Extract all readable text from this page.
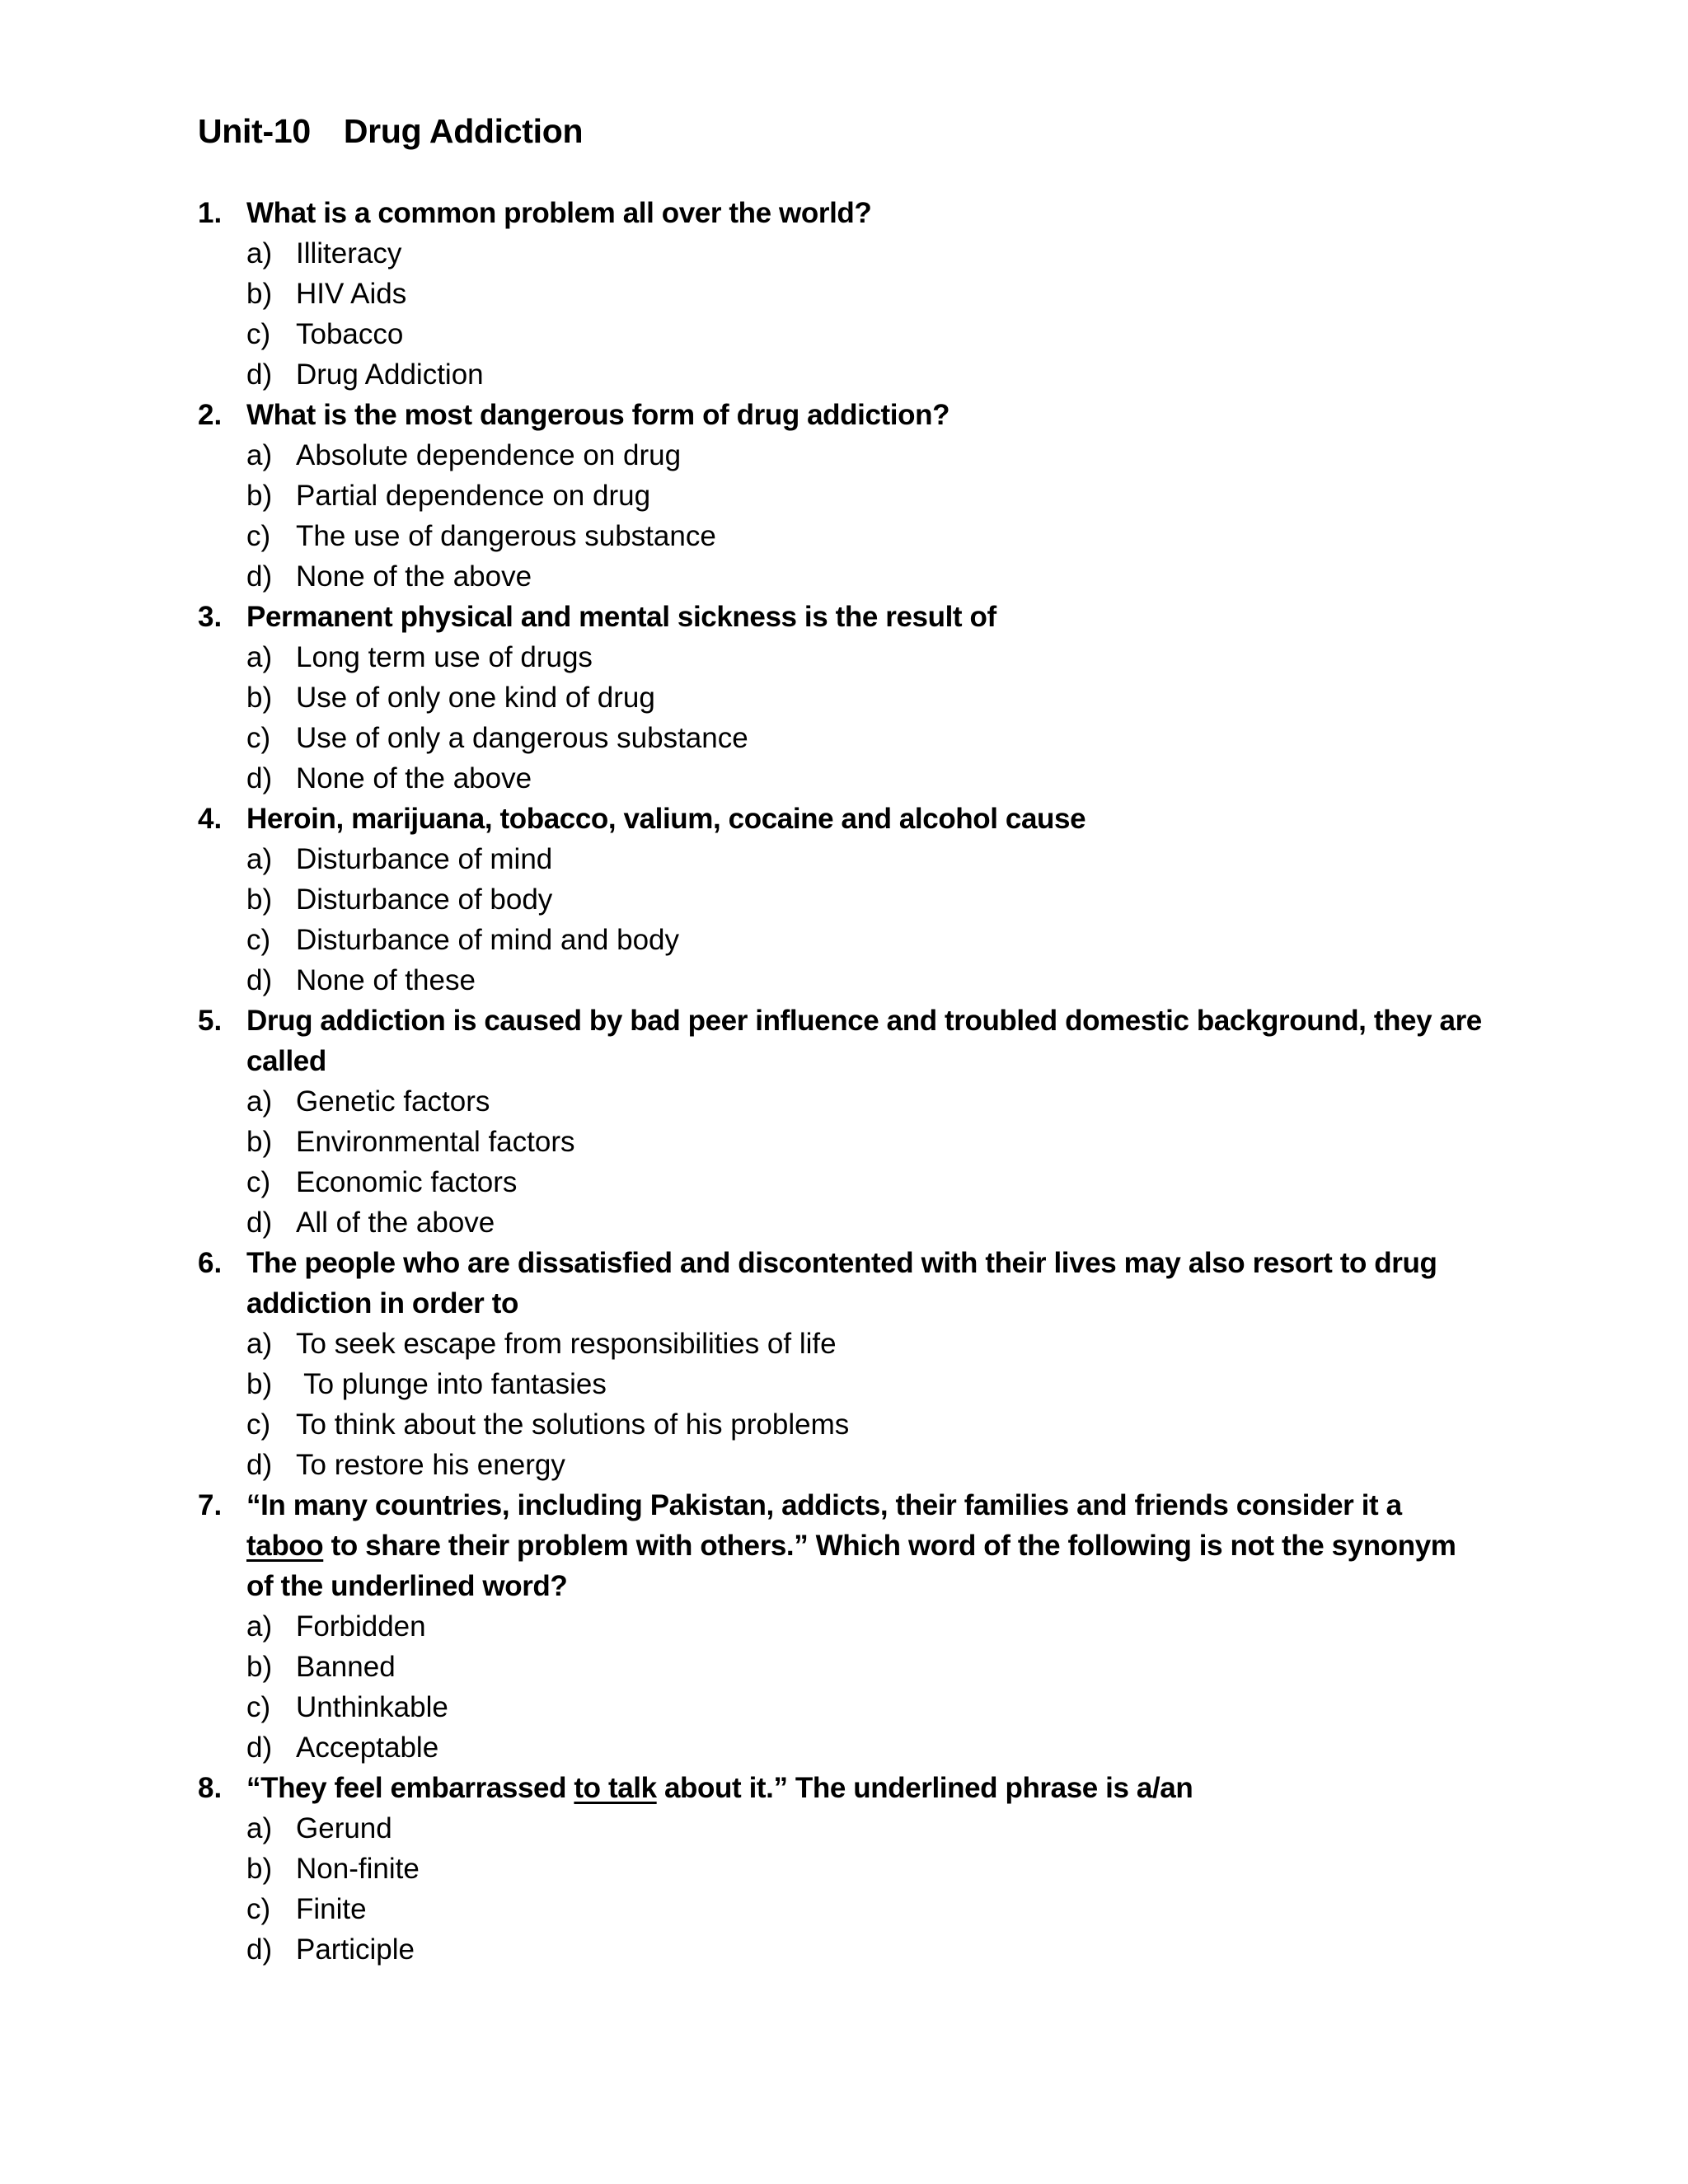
Unit-10 Drug Addiction
1. What is a common problem all over the world?
a) Illiteracy
b) HIV Aids
c) Tobacco
d) Drug Addiction
2. What is the most dangerous form of drug addiction?
a) Absolute dependence on drug
b) Partial dependence on drug
c) The use of dangerous substance
d) None of the above
3. Permanent physical and mental sickness is the result of
a) Long term use of drugs
b) Use of only one kind of drug
c) Use of only a dangerous substance
d) None of the above
4. Heroin, marijuana, tobacco, valium, cocaine and alcohol cause
a) Disturbance of mind
b) Disturbance of body
c) Disturbance of mind and body
d) None of these
5. Drug addiction is caused by bad peer influence and troubled domestic background, they are called
a) Genetic factors
b) Environmental factors
c) Economic factors
d) All of the above
6. The people who are dissatisfied and discontented with their lives may also resort to drug addiction in order to
a) To seek escape from responsibilities of life
b) To plunge into fantasies
c) To think about the solutions of his problems
d) To restore his energy
7. “In many countries, including Pakistan, addicts, their families and friends consider it a taboo to share their problem with others.” Which word of the following is not the synonym of the underlined word?
a) Forbidden
b) Banned
c) Unthinkable
d) Acceptable
8. “They feel embarrassed to talk about it.” The underlined phrase is a/an
a) Gerund
b) Non-finite
c) Finite
d) Participle
